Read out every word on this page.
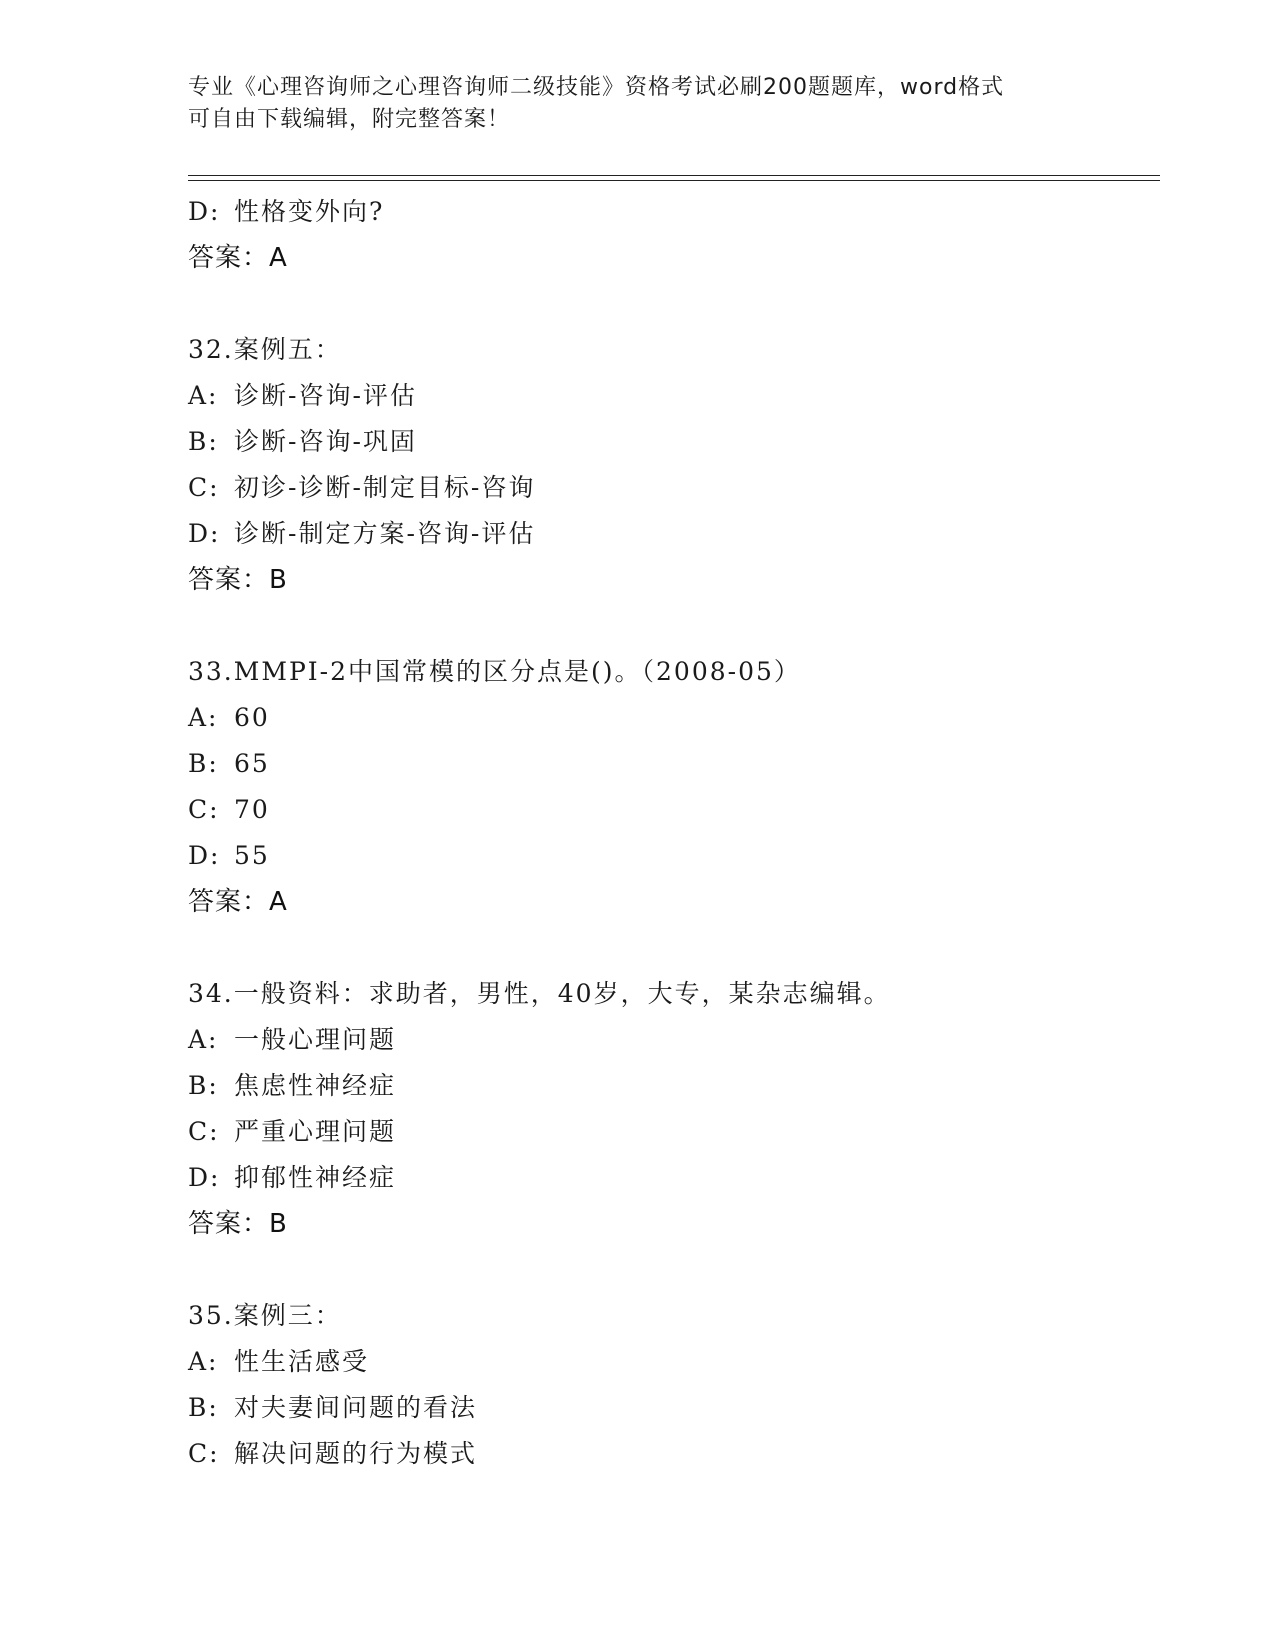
专业《心理咨询师之心理咨询师二级技能》资格考试必刷200题题库，word格式

可自由下载编辑，附完整答案！

D: 性格变外向?
答案：A
32.案例五：
A: 诊断-咨询-评估
B: 诊断-咨询-巩固
C: 初诊-诊断-制定目标-咨询
D: 诊断-制定方案-咨询-评估
答案：B
33.MMPI-2中国常模的区分点是()。（2008-05）
A: 60
B: 65
C: 70
D: 55
答案：A
34.一般资料：求助者，男性，40岁，大专，某杂志编辑。
A: 一般心理问题
B: 焦虑性神经症
C: 严重心理问题
D: 抑郁性神经症
答案：B
35.案例三：
A: 性生活感受
B: 对夫妻间问题的看法
C: 解决问题的行为模式
